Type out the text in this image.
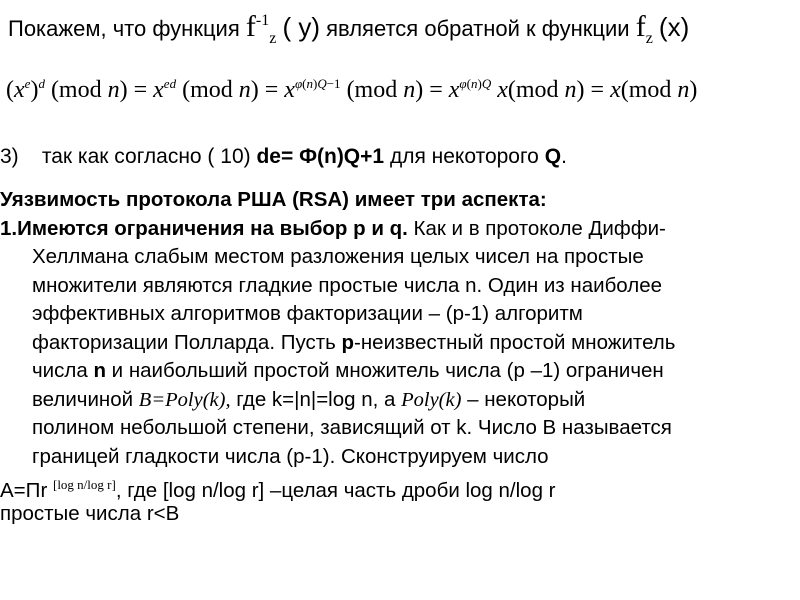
Покажем, что функция $f^{-1}_z$ ( y) является обратной к функции $f_z$ (x)
$(x^e)^d$ (mod $n) = x^{ed}$ (mod $n) = x^{\varphi(n)Q-1}$ (mod $n) = x^{\varphi(n)Q}$ x(mod n) = x(mod n)
3) так как согласно ( 10) de= Ф(n)Q+1 для некоторого Q.
Уязвимость протокола РША (RSA) имеет три аспекта:
1.Имеются ограничения на выбор p и q. Как и в протоколе Диффи-
Хеллмана слабым местом разложения целых чисел на простые
множители являются гладкие простые числа n. Один из наиболее
эффективных алгоритмов факторизации – (p-1) алгоритм
факторизации Полларда. Пусть p-неизвестный простой множитель
числа n и наибольший простой множитель числа (p –1) ограничен
величиной B=Poly(k), где k=|n|=log n, а Poly(k) – некоторый
полином небольшой степени, зависящий от k. Число B называется
границей гладкости числа (p-1). Сконструируем число
A=Πr [log n/log r], где [log n/log r] –целая часть дроби log n/log r
простые числа r<B
